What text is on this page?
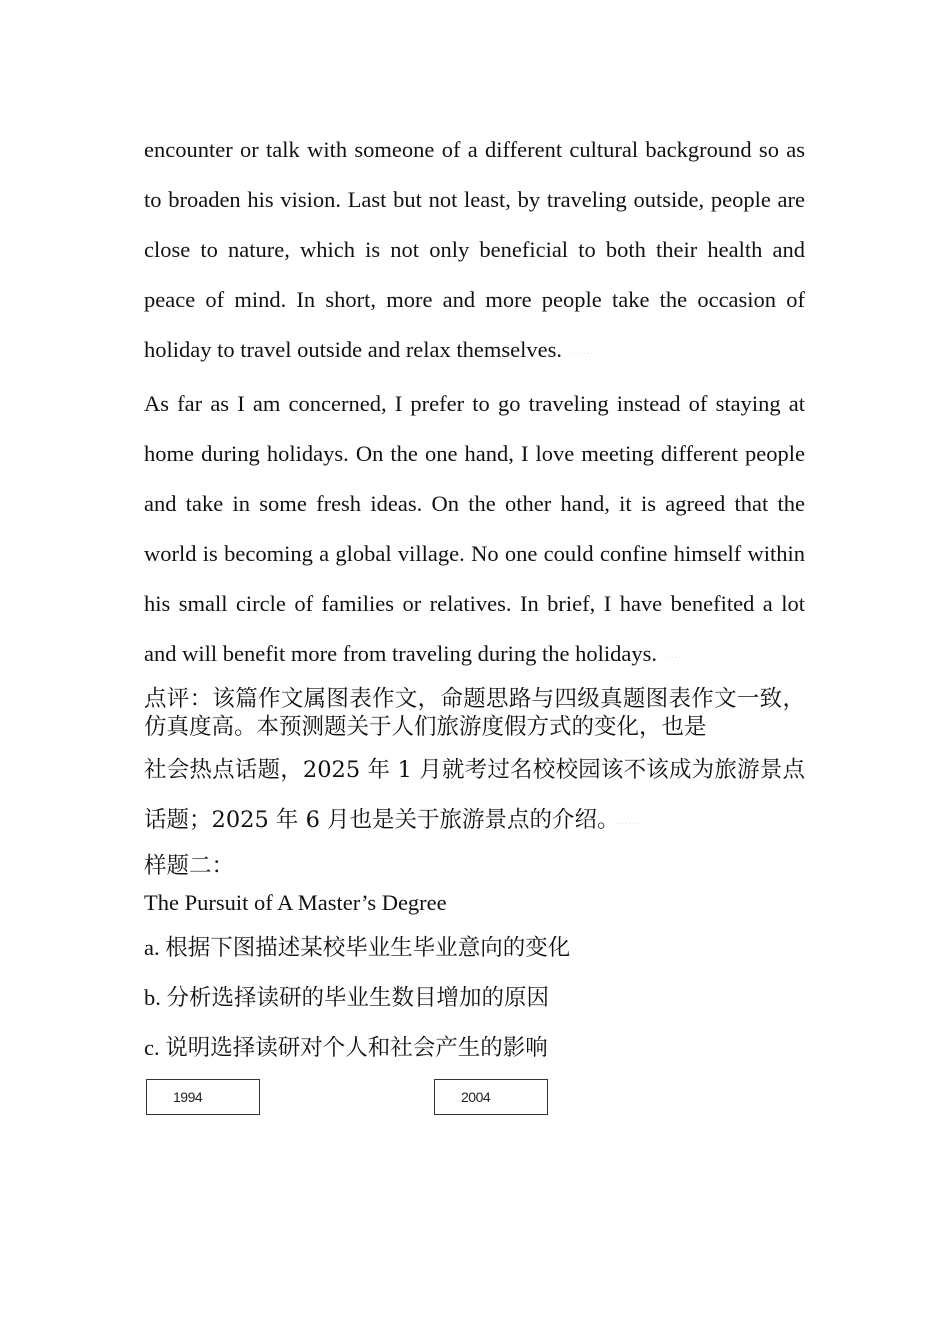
encounter or talk with someone of a different cultural background so as to broaden his vision. Last but not least, by traveling outside, people are close to nature, which is not only beneficial to both their health and peace of mind. In short, more and more people take the occasion of holiday to travel outside and relax themselves. ·······

As far as I am concerned, I prefer to go traveling instead of staying at home during holidays. On the one hand, I love meeting different people and take in some fresh ideas. On the other hand, it is agreed that the world is becoming a global village. No one could confine himself within his small circle of families or relatives. In brief, I have benefited a lot and will benefit more from traveling during the holidays. ·····

点评：该篇作文属图表作文，命题思路与四级真题图表作文一致，仿真度高。本预测题关于人们旅游度假方式的变化，也是

社会热点话题，2025 年 1 月就考过名校校园该不该成为旅游景点话题；2025 年 6 月也是关于旅游景点的介绍。 ·······

样题二：

The Pursuit of A Master’s Degree

a. 根据下图描述某校毕业生毕业意向的变化

b. 分析选择读研的毕业生数目增加的原因

c. 说明选择读研对个人和社会产生的影响

1994	2004
